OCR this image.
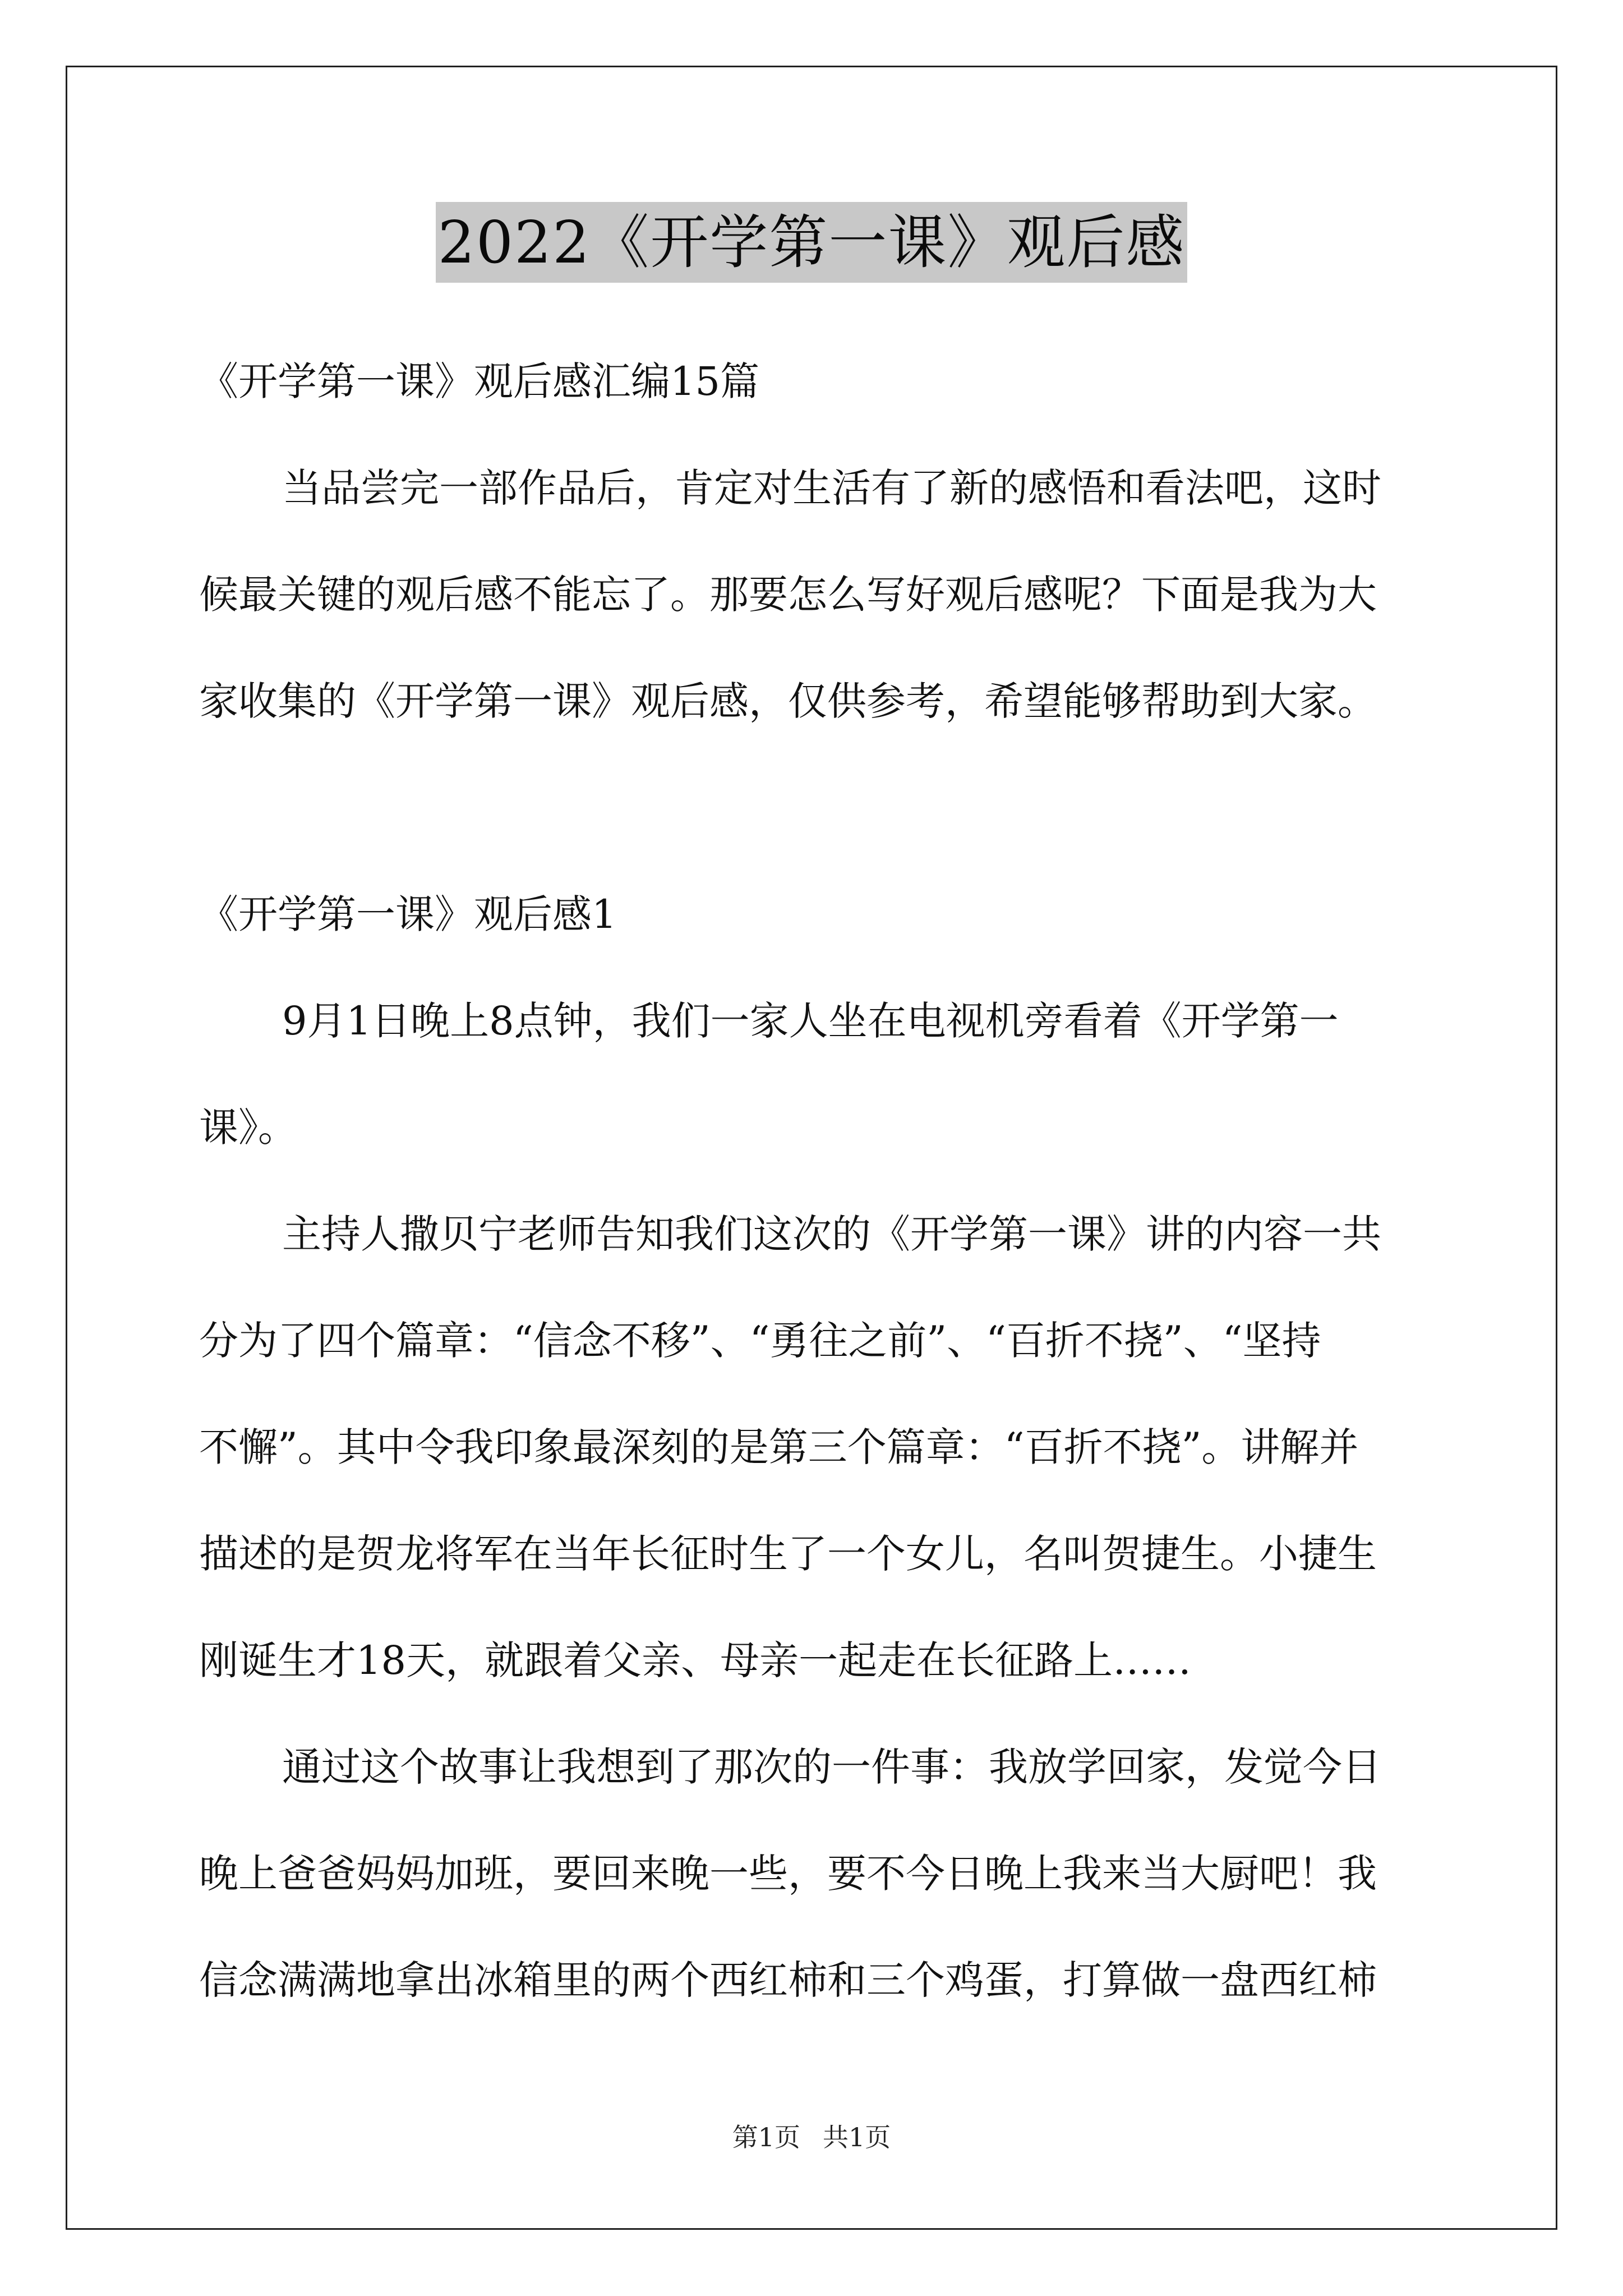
2022《开学第一课》观后感

《开学第一课》观后感汇编15篇

当品尝完一部作品后，肯定对生活有了新的感悟和看法吧，这时

候最关键的观后感不能忘了。那要怎么写好观后感呢？下面是我为大

家收集的《开学第一课》观后感，仅供参考，希望能够帮助到大家。

《开学第一课》观后感1

9月1日晚上8点钟，我们一家人坐在电视机旁看着《开学第一

课》。

主持人撒贝宁老师告知我们这次的《开学第一课》讲的内容一共

分为了四个篇章：“信念不移”、“勇往之前”、“百折不挠”、“坚持

不懈”。其中令我印象最深刻的是第三个篇章：“百折不挠”。讲解并

描述的是贺龙将军在当年长征时生了一个女儿，名叫贺捷生。小捷生

刚诞生才18天，就跟着父亲、母亲一起走在长征路上……

通过这个故事让我想到了那次的一件事：我放学回家，发觉今日

晚上爸爸妈妈加班，要回来晚一些，要不今日晚上我来当大厨吧！我

信念满满地拿出冰箱里的两个西红柿和三个鸡蛋，打算做一盘西红柿

第1页 共1页
